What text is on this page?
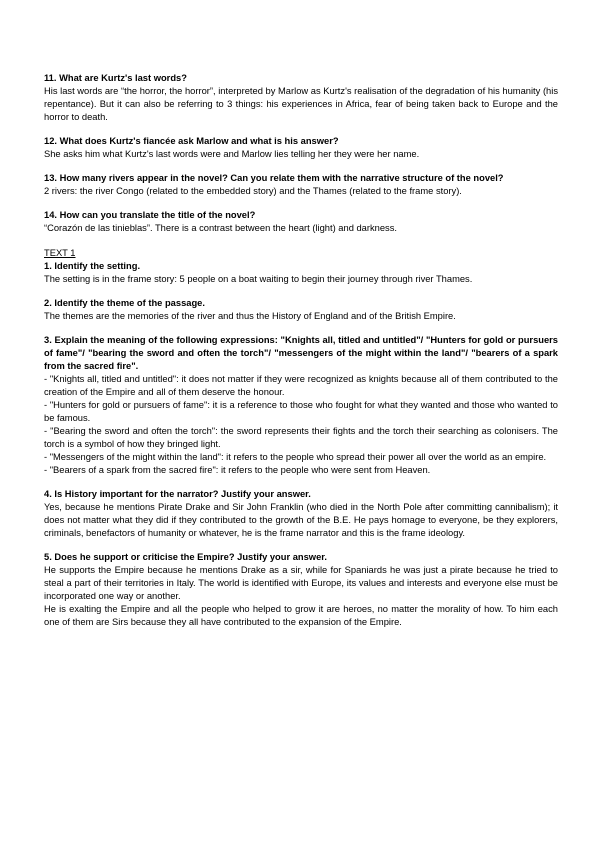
11. What are Kurtz's last words?
His last words are “the horror, the horror”, interpreted by Marlow as Kurtz's realisation of the degradation of his humanity (his repentance). But it can also be referring to 3 things: his experiences in Africa, fear of being taken back to Europe and the horror to death.
12. What does Kurtz's fiancée ask Marlow and what is his answer?
She asks him what Kurtz's last words were and Marlow lies telling her they were her name.
13. How many rivers appear in the novel? Can you relate them with the narrative structure of the novel?
2 rivers: the river Congo (related to the embedded story) and the Thames (related to the frame story).
14. How can you translate the title of the novel?
“Corazón de las tinieblas”. There is a contrast between the heart (light) and darkness.
TEXT 1
1. Identify the setting.
The setting is in the frame story: 5 people on a boat waiting to begin their journey through river Thames.
2. Identify the theme of the passage.
The themes are the memories of the river and thus the History of England and of the British Empire.
3. Explain the meaning of the following expressions: "Knights all, titled and untitled"/ "Hunters for gold or pursuers of fame"/ "bearing the sword and often the torch"/ "messengers of the might within the land"/ "bearers of a spark from the sacred fire".
- "Knights all, titled and untitled": it does not matter if they were recognized as knights because all of them contributed to the creation of the Empire and all of them deserve the honour.
- "Hunters for gold or pursuers of fame": it is a reference to those who fought for what they wanted and those who wanted to be famous.
- "Bearing the sword and often the torch": the sword represents their fights and the torch their searching as colonisers. The torch is a symbol of how they bringed light.
- "Messengers of the might within the land": it refers to the people who spread their power all over the world as an empire.
- "Bearers of a spark from the sacred fire": it refers to the people who were sent from Heaven.
4. Is History important for the narrator? Justify your answer.
Yes, because he mentions Pirate Drake and Sir John Franklin (who died in the North Pole after committing cannibalism); it does not matter what they did if they contributed to the growth of the B.E. He pays homage to everyone, be they explorers, criminals, benefactors of humanity or whatever, he is the frame narrator and this is the frame ideology.
5. Does he support or criticise the Empire? Justify your answer.
He supports the Empire because he mentions Drake as a sir, while for Spaniards he was just a pirate because he tried to steal a part of their territories in Italy. The world is identified with Europe, its values and interests and everyone else must be incorporated one way or another.
He is exalting the Empire and all the people who helped to grow it are heroes, no matter the morality of how. To him each one of them are Sirs because they all have contributed to the expansion of the Empire.
